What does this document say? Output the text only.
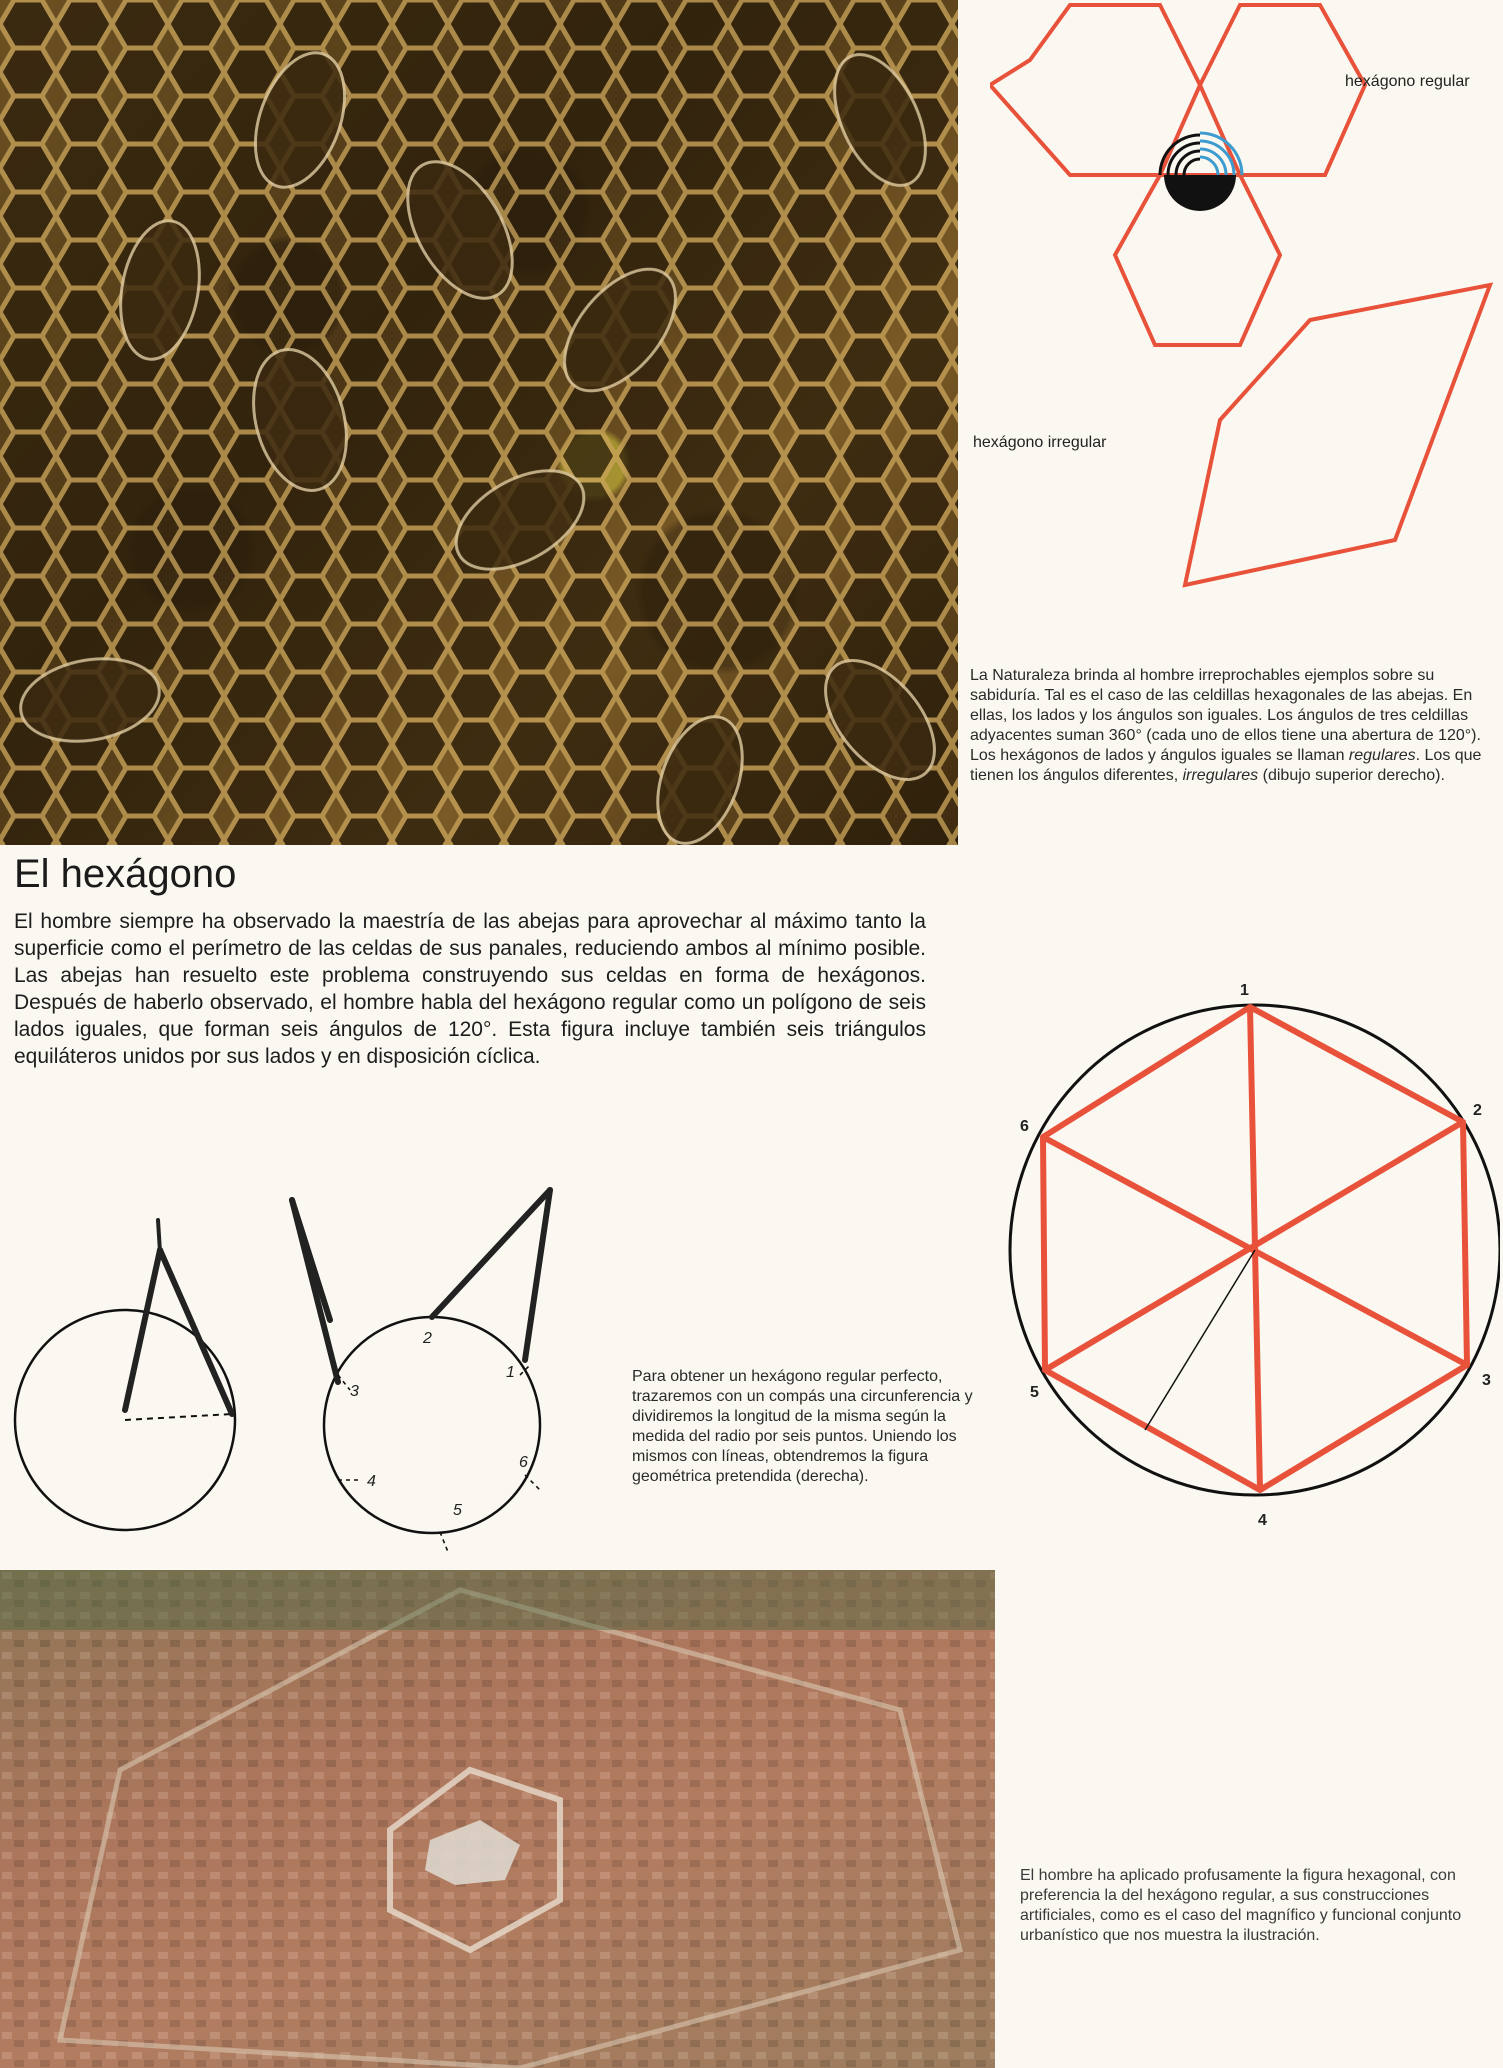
hexágono regular
hexágono irregular
La Naturaleza brinda al hombre irreprochables ejemplos sobre su sabiduría. Tal es el caso de las celdillas hexagonales de las abejas. En ellas, los lados y los ángulos son iguales. Los ángulos de tres celdillas adyacentes suman 360° (cada uno de ellos tiene una abertura de 120°). Los hexágonos de lados y ángulos iguales se llaman regulares. Los que tienen los ángulos diferentes, irregulares (dibujo superior derecho).
El hexágono
El hombre siempre ha observado la maestría de las abejas para aprovechar al máximo tanto la superficie como el perímetro de las celdas de sus panales, reduciendo ambos al mínimo posible. Las abejas han resuelto este problema construyendo sus celdas en forma de hexágonos. Después de haberlo observado, el hombre habla del hexágono regular como un polígono de seis lados iguales, que forman seis ángulos de 120°. Esta figura incluye también seis triángulos equiláteros unidos por sus lados y en disposición cíclica.
2
1
3
6
4
5
Para obtener un hexágono regular perfecto, trazaremos con un compás una circunferencia y dividiremos la longitud de la misma según la medida del radio por seis puntos. Uniendo los mismos con líneas, obtendremos la figura geométrica pretendida (derecha).
1
2
3
4
5
6
El hombre ha aplicado profusamente la figura hexagonal, con preferencia la del hexágono regular, a sus construcciones artificiales, como es el caso del magnífico y funcional conjunto urbanístico que nos muestra la ilustración.
